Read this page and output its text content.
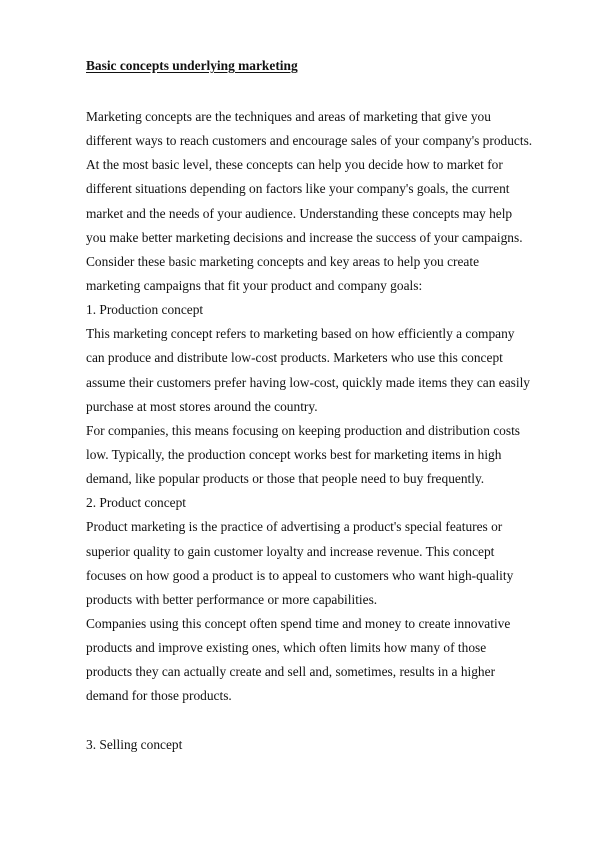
Basic concepts underlying marketing
Marketing concepts are the techniques and areas of marketing that give you
different ways to reach customers and encourage sales of your company's products.
At the most basic level, these concepts can help you decide how to market for
different situations depending on factors like your company's goals, the current
market and the needs of your audience. Understanding these concepts may help
you make better marketing decisions and increase the success of your campaigns.
Consider these basic marketing concepts and key areas to help you create
marketing campaigns that fit your product and company goals:
1. Production concept
This marketing concept refers to marketing based on how efficiently a company
can produce and distribute low-cost products. Marketers who use this concept
assume their customers prefer having low-cost, quickly made items they can easily
purchase at most stores around the country.
For companies, this means focusing on keeping production and distribution costs
low. Typically, the production concept works best for marketing items in high
demand, like popular products or those that people need to buy frequently.
2. Product concept
Product marketing is the practice of advertising a product's special features or
superior quality to gain customer loyalty and increase revenue. This concept
focuses on how good a product is to appeal to customers who want high-quality
products with better performance or more capabilities.
Companies using this concept often spend time and money to create innovative
products and improve existing ones, which often limits how many of those
products they can actually create and sell and, sometimes, results in a higher
demand for those products.
3. Selling concept
